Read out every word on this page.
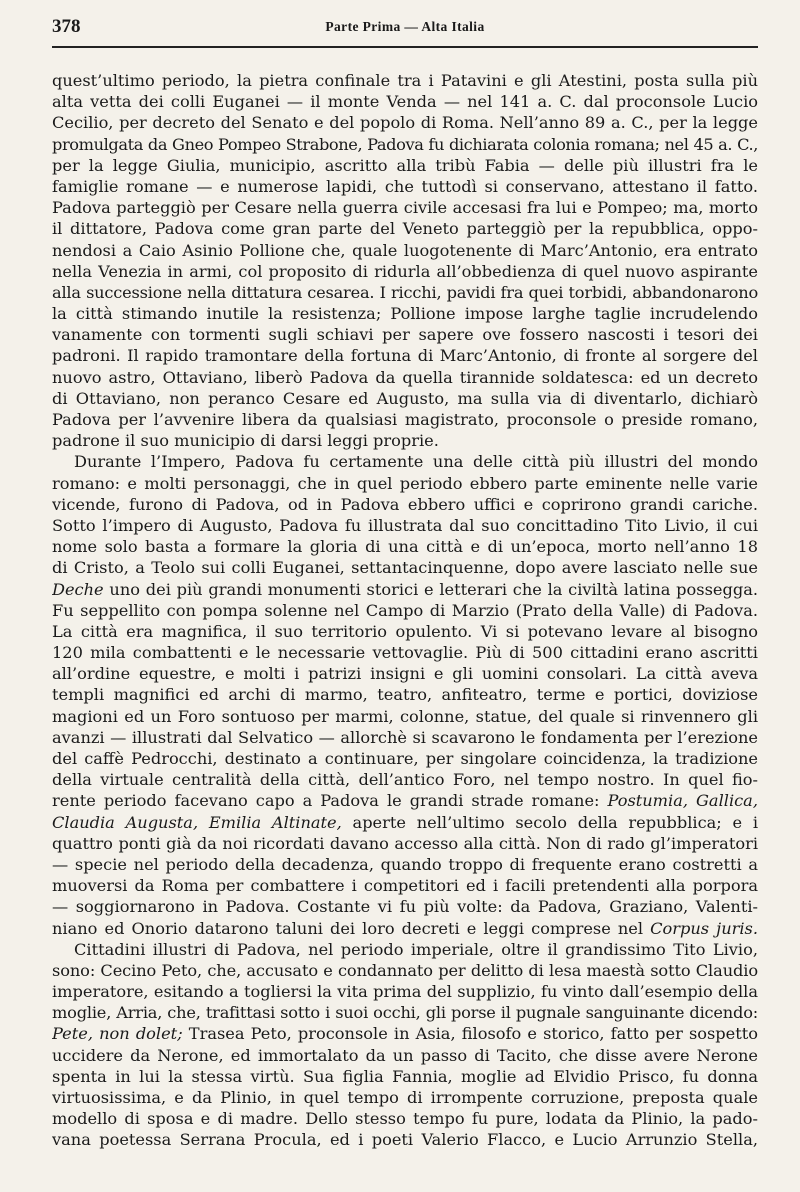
378	Parte Prima — Alta Italia
quest’ultimo periodo, la pietra confinale tra i Patavini e gli Atestini, posta sulla più
alta vetta dei colli Euganei — il monte Venda — nel 141 a. C. dal proconsole Lucio
Cecilio, per decreto del Senato e del popolo di Roma. Nell’anno 89 a. C., per la legge
promulgata da Gneo Pompeo Strabone, Padova fu dichiarata colonia romana; nel 45 a. C.,
per la legge Giulia, municipio, ascritto alla tribù Fabia — delle più illustri fra le
famiglie romane — e numerose lapidi, che tuttodì si conservano, attestano il fatto.
Padova parteggiò per Cesare nella guerra civile accesasi fra lui e Pompeo; ma, morto
il dittatore, Padova come gran parte del Veneto parteggiò per la repubblica, oppo-
nendosi a Caio Asinio Pollione che, quale luogotenente di Marc’Antonio, era entrato
nella Venezia in armi, col proposito di ridurla all’obbedienza di quel nuovo aspirante
alla successione nella dittatura cesarea. I ricchi, pavidi fra quei torbidi, abbandonarono
la città stimando inutile la resistenza; Pollione impose larghe taglie incrudelendo
vanamente con tormenti sugli schiavi per sapere ove fossero nascosti i tesori dei
padroni. Il rapido tramontare della fortuna di Marc’Antonio, di fronte al sorgere del
nuovo astro, Ottaviano, liberò Padova da quella tirannide soldatesca: ed un decreto
di Ottaviano, non peranco Cesare ed Augusto, ma sulla via di diventarlo, dichiarò
Padova per l’avvenire libera da qualsiasi magistrato, proconsole o preside romano,
padrone il suo municipio di darsi leggi proprie.
Durante l’Impero, Padova fu certamente una delle città più illustri del mondo
romano: e molti personaggi, che in quel periodo ebbero parte eminente nelle varie
vicende, furono di Padova, od in Padova ebbero uffici e coprirono grandi cariche.
Sotto l’impero di Augusto, Padova fu illustrata dal suo concittadino Tito Livio, il cui
nome solo basta a formare la gloria di una città e di un’epoca, morto nell’anno 18
di Cristo, a Teolo sui colli Euganei, settantacinquenne, dopo avere lasciato nelle sue
Deche uno dei più grandi monumenti storici e letterari che la civiltà latina possegga.
Fu seppellito con pompa solenne nel Campo di Marzio (Prato della Valle) di Padova.
La città era magnifica, il suo territorio opulento. Vi si potevano levare al bisogno
120 mila combattenti e le necessarie vettovaglie. Più di 500 cittadini erano ascritti
all’ordine equestre, e molti i patrizi insigni e gli uomini consolari. La città aveva
templi magnifici ed archi di marmo, teatro, anfiteatro, terme e portici, doviziose
magioni ed un Foro sontuoso per marmi, colonne, statue, del quale si rinvennero gli
avanzi — illustrati dal Selvatico — allorchè si scavarono le fondamenta per l’erezione
del caffè Pedrocchi, destinato a continuare, per singolare coincidenza, la tradizione
della virtuale centralità della città, dell’antico Foro, nel tempo nostro. In quel fio-
rente periodo facevano capo a Padova le grandi strade romane: Postumia, Gallica,
Claudia Augusta, Emilia Altinate, aperte nell’ultimo secolo della repubblica; e i
quattro ponti già da noi ricordati davano accesso alla città. Non di rado gl’imperatori
— specie nel periodo della decadenza, quando troppo di frequente erano costretti a
muoversi da Roma per combattere i competitori ed i facili pretendenti alla porpora
— soggiornarono in Padova. Costante vi fu più volte: da Padova, Graziano, Valenti-
niano ed Onorio datarono taluni dei loro decreti e leggi comprese nel Corpus juris.
Cittadini illustri di Padova, nel periodo imperiale, oltre il grandissimo Tito Livio,
sono: Cecino Peto, che, accusato e condannato per delitto di lesa maestà sotto Claudio
imperatore, esitando a togliersi la vita prima del supplizio, fu vinto dall’esempio della
moglie, Arria, che, trafittasi sotto i suoi occhi, gli porse il pugnale sanguinante dicendo:
Pete, non dolet; Trasea Peto, proconsole in Asia, filosofo e storico, fatto per sospetto
uccidere da Nerone, ed immortalato da un passo di Tacito, che disse avere Nerone
spenta in lui la stessa virtù. Sua figlia Fannia, moglie ad Elvidio Prisco, fu donna
virtuosissima, e da Plinio, in quel tempo di irrompente corruzione, preposta quale
modello di sposa e di madre. Dello stesso tempo fu pure, lodata da Plinio, la pado-
vana poetessa Serrana Procula, ed i poeti Valerio Flacco, e Lucio Arrunzio Stella,
